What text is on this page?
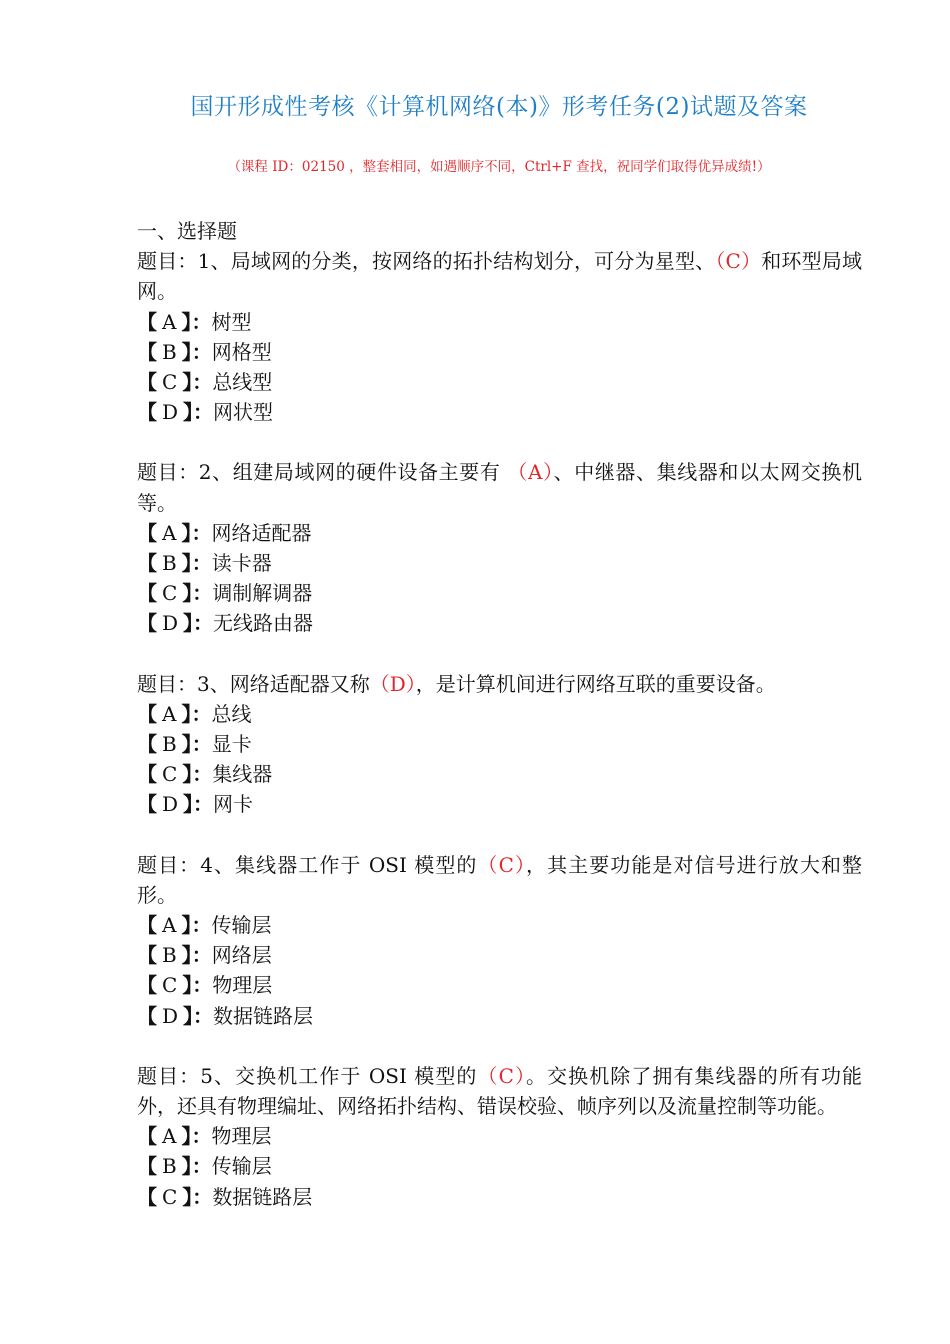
国开形成性考核《计算机网络(本)》形考任务(2)试题及答案
（课程 ID：02150 ，整套相同，如遇顺序不同，Ctrl+F 查找，祝同学们取得优异成绩!）

一、选择题

题目：1、局域网的分类，按网络的拓扑结构划分，可分为星型、（C）和环型局域网。

【 A 】：树型

【 B 】：网格型

【 C 】：总线型

【 D 】：网状型

题目：2、组建局域网的硬件设备主要有 （A）、中继器、集线器和以太网交换机等。

【 A 】：网络适配器

【 B 】：读卡器

【 C 】：调制解调器

【 D 】：无线路由器

题目：3、网络适配器又称（D），是计算机间进行网络互联的重要设备。

【 A 】：总线

【 B 】：显卡

【 C 】：集线器

【 D 】：网卡

题目：4、集线器工作于 OSI 模型的（C），其主要功能是对信号进行放大和整形。

【 A 】：传输层

【 B 】：网络层

【 C 】：物理层

【 D 】：数据链路层

题目：5、交换机工作于 OSI 模型的（C）。交换机除了拥有集线器的所有功能外，还具有物理编址、网络拓扑结构、错误校验、帧序列以及流量控制等功能。

【 A 】：物理层

【 B 】：传输层

【 C 】：数据链路层
